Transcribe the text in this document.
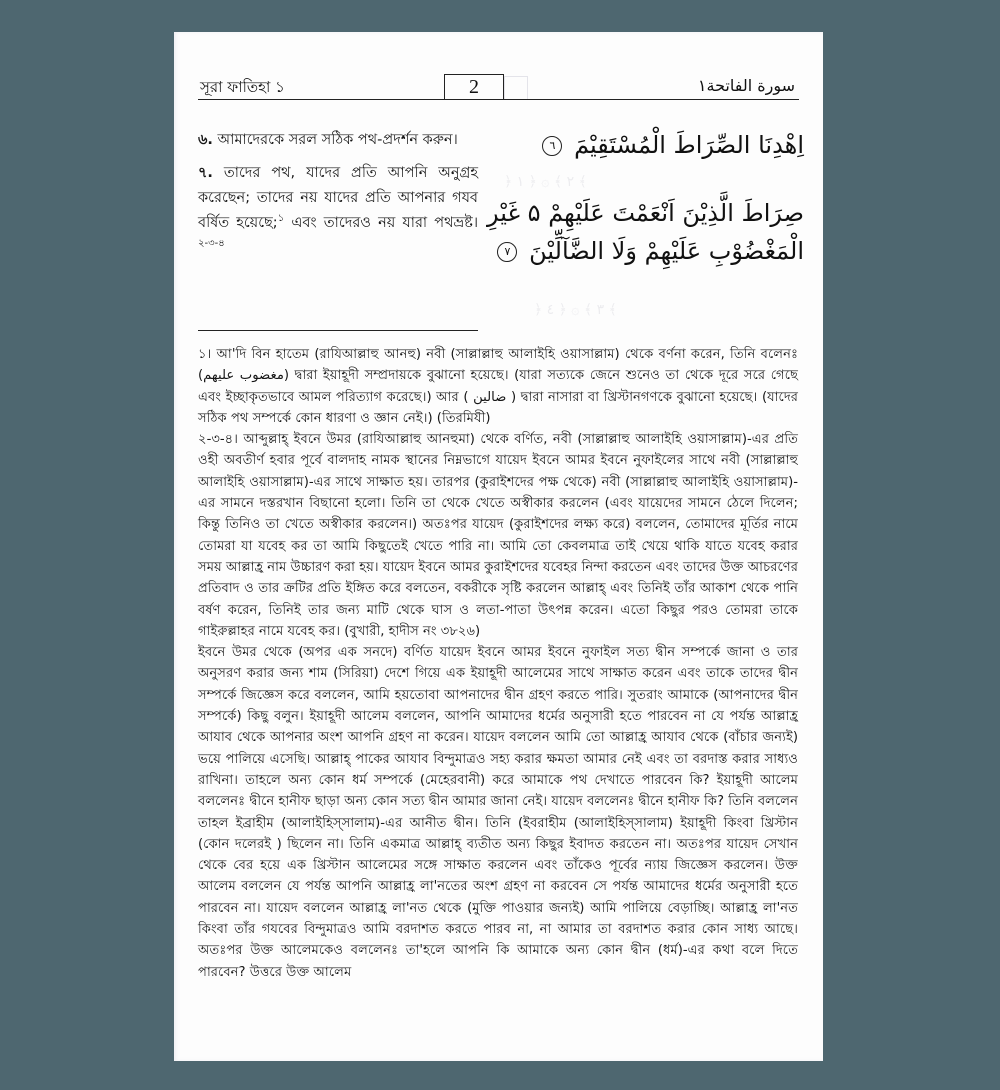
﴿ ٢ ﴾ ۞ ﴿ ١ ﴾
﴿ ٣ ﴾ ۞ ﴿ ٤ ﴾
সূরা ফাতিহা ১	2	سورة الفاتحة١

৬. আমাদেরকে সরল সঠিক পথ-প্রদর্শন করুন।

৭. তাদের পথ, যাদের প্রতি আপনি অনুগ্রহ করেছেন; তাদের নয় যাদের প্রতি আপনার গযব বর্ষিত হয়েছে;$^১$ এবং তাদেরও নয় যারা পথভ্রষ্ট।$^{২-৩-৪}$

اِهْدِنَا الصِّرَاطَ الْمُسْتَقِيْمَ ٦
صِرَاطَ الَّذِيْنَ اَنْعَمْتَ عَلَيْهِمْ ۵ غَيْرِ
الْمَغْضُوْبِ عَلَيْهِمْ وَلَا الضَّآلِّيْنَ ٧

১। আ'দি বিন হাতেম (রাযিআল্লাহু আনহু) নবী (সাল্লাল্লাহু আলাইহি ওয়াসাল্লাম) থেকে বর্ণনা করেন, তিনি বলেনঃ (مغضوب عليهم) দ্বারা ইয়াহূদী সম্প্রদায়কে বুঝানো হয়েছে। (যারা সত্যকে জেনে শুনেও তা থেকে দূরে সরে গেছে এবং ইচ্ছাকৃতভাবে আমল পরিত্যাগ করেছে।) আর ( ضالين ) দ্বারা নাসারা বা খ্রিস্টানগণকে বুঝানো হয়েছে। (যাদের সঠিক পথ সম্পর্কে কোন ধারণা ও জ্ঞান নেই।) (তিরমিযী)

২-৩-৪। আব্দুল্লাহ্ ইবনে উমর (রাযিআল্লাহু আনহুমা) থেকে বর্ণিত, নবী (সাল্লাল্লাহু আলাইহি ওয়াসাল্লাম)-এর প্রতি ওহী অবতীর্ণ হবার পূর্বে বালদাহ নামক স্থানের নিম্নভাগে যায়েদ ইবনে আমর ইবনে নুফাইলের সাথে নবী (সাল্লাল্লাহু আলাইহি ওয়াসাল্লাম)-এর সাথে সাক্ষাত হয়। তারপর (কুরাইশদের পক্ষ থেকে) নবী (সাল্লাল্লাহু আলাইহি ওয়াসাল্লাম)-এর সামনে দস্তরখান বিছানো হলো। তিনি তা থেকে খেতে অস্বীকার করলেন (এবং যায়েদের সামনে ঠেলে দিলেন; কিন্তু তিনিও তা খেতে অস্বীকার করলেন।) অতঃপর যায়েদ (কুরাইশদের লক্ষ্য করে) বললেন, তোমাদের মূর্তির নামে তোমরা যা যবেহ কর তা আমি কিছুতেই খেতে পারি না। আমি তো কেবলমাত্র তাই খেয়ে থাকি যাতে যবেহ করার সময় আল্লাহ্র নাম উচ্চারণ করা হয়। যায়েদ ইবনে আমর কুরাইশদের যবেহর নিন্দা করতেন এবং তাদের উক্ত আচরণের প্রতিবাদ ও তার ক্রটির প্রতি ইঙ্গিত করে বলতেন, বকরীকে সৃষ্টি করলেন আল্লাহ্ এবং তিনিই তাঁর আকাশ থেকে পানি বর্ষণ করেন, তিনিই তার জন্য মাটি থেকে ঘাস ও লতা-পাতা উৎপন্ন করেন। এতো কিছুর পরও তোমরা তাকে গাইরুল্লাহর নামে যবেহ কর। (বুখারী, হাদীস নং ৩৮২৬)

ইবনে উমর থেকে (অপর এক সনদে) বর্ণিত যায়েদ ইবনে আমর ইবনে নুফাইল সত্য দ্বীন সম্পর্কে জানা ও তার অনুসরণ করার জন্য শাম (সিরিয়া) দেশে গিয়ে এক ইয়াহূদী আলেমের সাথে সাক্ষাত করেন এবং তাকে তাদের দ্বীন সম্পর্কে জিজ্ঞেস করে বললেন, আমি হয়তোবা আপনাদের দ্বীন গ্রহণ করতে পারি। সুতরাং আমাকে (আপনাদের দ্বীন সম্পর্কে) কিছু বলুন। ইয়াহূদী আলেম বললেন, আপনি আমাদের ধর্মের অনুসারী হতে পারবেন না যে পর্যন্ত আল্লাহ্র আযাব থেকে আপনার অংশ আপনি গ্রহণ না করেন। যায়েদ বললেন আমি তো আল্লাহ্র আযাব থেকে (বাঁচার জন্যই) ভয়ে পালিয়ে এসেছি। আল্লাহ্ পাকের আযাব বিন্দুমাত্রও সহ্য করার ক্ষমতা আমার নেই এবং তা বরদাস্ত করার সাধ্যও রাখিনা। তাহলে অন্য কোন ধর্ম সম্পর্কে (মেহেরবানী) করে আমাকে পথ দেখাতে পারবেন কি? ইয়াহূদী আলেম বললেনঃ দ্বীনে হানীফ ছাড়া অন্য কোন সত্য দ্বীন আমার জানা নেই। যায়েদ বললেনঃ দ্বীনে হানীফ কি? তিনি বললেন তাহল ইব্রাহীম (আলাইহিস্সালাম)-এর আনীত দ্বীন। তিনি (ইবরাহীম (আলাইহিস্সালাম) ইয়াহূদী কিংবা খ্রিস্টান (কোন দলেরই ) ছিলেন না। তিনি একমাত্র আল্লাহ্ ব্যতীত অন্য কিছুর ইবাদত করতেন না। অতঃপর যায়েদ সেখান থেকে বের হয়ে এক খ্রিস্টান আলেমের সঙ্গে সাক্ষাত করলেন এবং তাঁকেও পূর্বের ন্যায় জিজ্ঞেস করলেন। উক্ত আলেম বললেন যে পর্যন্ত আপনি আল্লাহ্র লা'নতের অংশ গ্রহণ না করবেন সে পর্যন্ত আমাদের ধর্মের অনুসারী হতে পারবেন না। যায়েদ বললেন আল্লাহ্র লা'নত থেকে (মুক্তি পাওয়ার জন্যই) আমি পালিয়ে বেড়াচ্ছি। আল্লাহ্র লা'নত কিংবা তাঁর গযবের বিন্দুমাত্রও আমি বরদাশত করতে পারব না, না আমার তা বরদাশত করার কোন সাধ্য আছে। অতঃপর উক্ত আলেমকেও বললেনঃ তা'হলে আপনি কি আমাকে অন্য কোন দ্বীন (ধর্ম)-এর কথা বলে দিতে পারবেন? উত্তরে উক্ত আলেম
